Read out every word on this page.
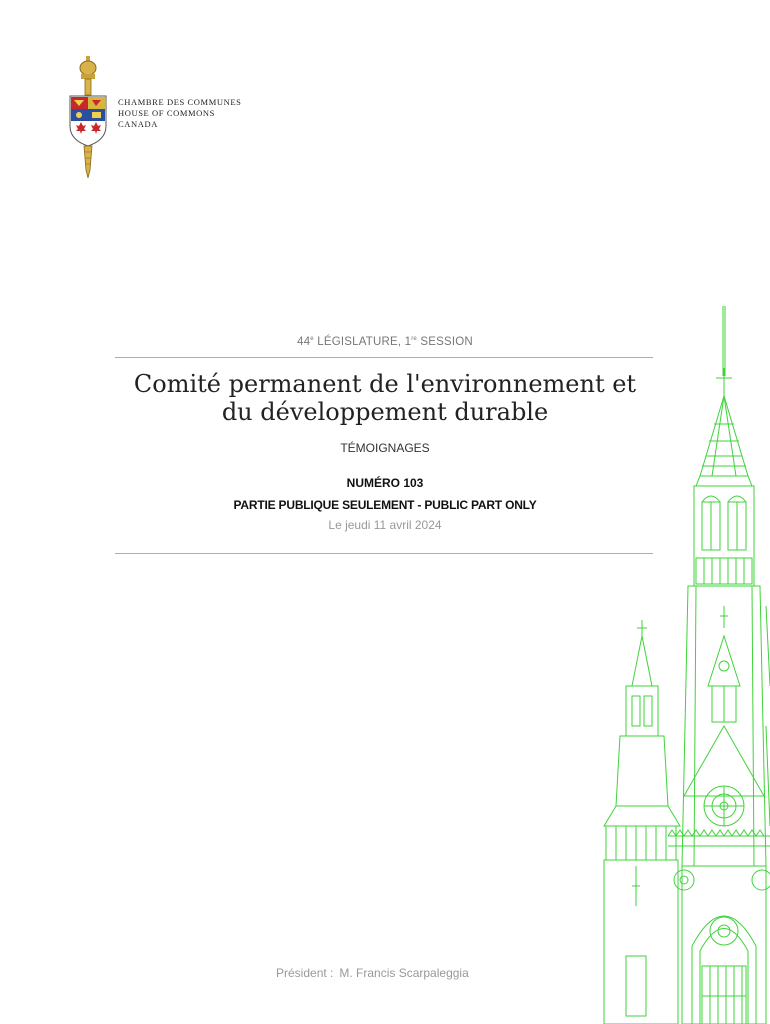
CHAMBRE DES COMMUNES
HOUSE OF COMMONS
CANADA
44e LÉGISLATURE, 1re SESSION
Comité permanent de l'environnement et
du développement durable
TÉMOIGNAGES
NUMÉRO 103
PARTIE PUBLIQUE SEULEMENT - PUBLIC PART ONLY
Le jeudi 11 avril 2024
Président : M. Francis Scarpaleggia
